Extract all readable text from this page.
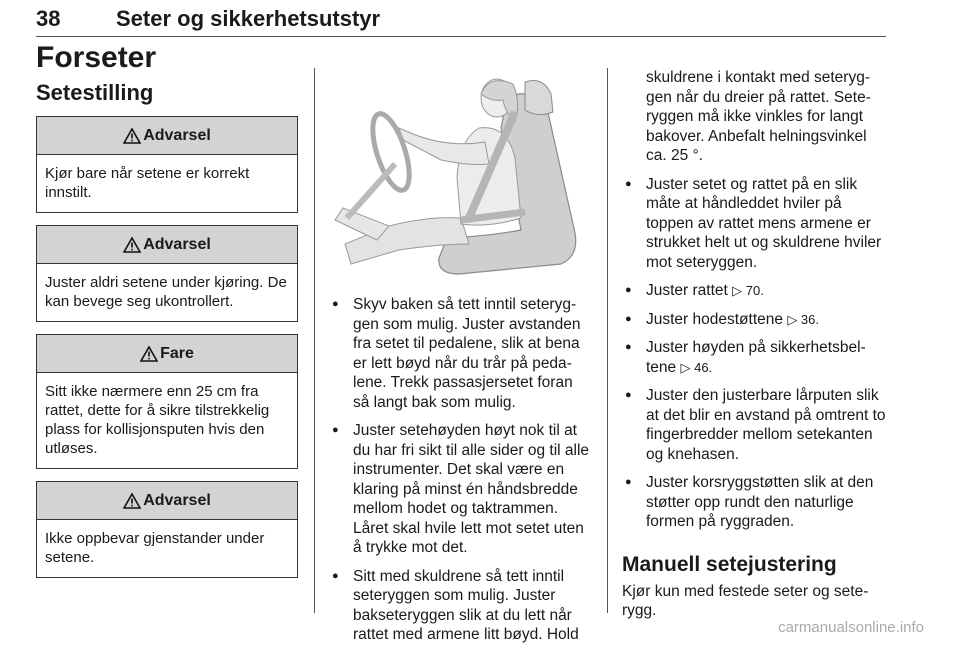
38	Seter og sikkerhetsutstyr
Forseter
Setestilling
Advarsel
Kjør bare når setene er korrekt innstilt.
Advarsel
Juster aldri setene under kjøring. De kan bevege seg ukontrollert.
Fare
Sitt ikke nærmere enn 25 cm fra rattet, dette for å sikre tilstrekkelig plass for kollisjonsputen hvis den utløses.
Advarsel
Ikke oppbevar gjenstander under setene.
● Skyv baken så tett inntil seteryggen som mulig. Juster avstanden fra setet til pedalene, slik at bena er lett bøyd når du trår på pedalene. Trekk passasjersetet foran så langt bak som mulig.
● Juster setehøyden høyt nok til at du har fri sikt til alle sider og til alle instrumenter. Det skal være en klaring på minst én håndsbredde mellom hodet og taktrammen. Låret skal hvile lett mot setet uten å trykke mot det.
● Sitt med skuldrene så tett inntil seteryggen som mulig. Juster bakseteryggen slik at du lett når rattet med armene litt bøyd. Hold
skuldrene i kontakt med seteryggen når du dreier på rattet. Seteryggen må ikke vinkles for langt bakover. Anbefalt helningsvinkel ca. 25 °.
● Juster setet og rattet på en slik måte at håndleddet hviler på toppen av rattet mens armene er strukket helt ut og skuldrene hviler mot seteryggen.
● Juster rattet ▷ 70.
● Juster hodestøttene ▷ 36.
● Juster høyden på sikkerhetsbeltene ▷ 46.
● Juster den justerbare lårputen slik at det blir en avstand på omtrent to fingerbredder mellom setekanten og knehasen.
● Juster korsryggstøtten slik at den støtter opp rundt den naturlige formen på ryggraden.
Manuell setejustering
Kjør kun med festede seter og seterygg.
carmanualsonline.info
